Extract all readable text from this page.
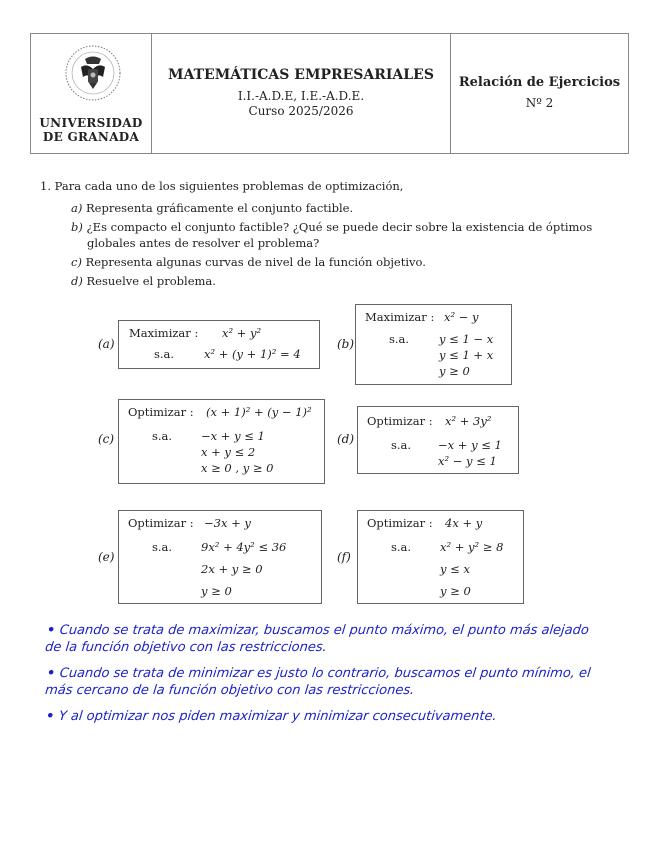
UNIVERSIDAD
DE GRANADA
MATEMÁTICAS EMPRESARIALES
I.I.-A.D.E, I.E.-A.D.E.
Curso 2025/2026
Relación de Ejercicios
Nº 2

1. Para cada uno de los siguientes problemas de optimización,

a) Representa gráficamente el conjunto factible.
b) ¿Es compacto el conjunto factible? ¿Qué se puede decir sobre la existencia de óptimos globales antes de resolver el problema?
c) Representa algunas curvas de nivel de la función objetivo.
d) Resuelve el problema.
(a)
Maximizar : x² + y²
s.a.	x² + (y + 1)² = 4
(b)
Maximizar : x² − y
s.a.	y ≤ 1 − x
y ≤ 1 + x
y ≥ 0
(c)
Optimizar : (x + 1)² + (y − 1)²
s.a.	−x + y ≤ 1
x + y ≤ 2
x ≥ 0 , y ≥ 0
(d)
Optimizar : x² + 3y²
s.a. −x + y ≤ 1
x² − y ≤ 1
(e)
Optimizar : −3x + y
s.a.	9x² + 4y² ≤ 36
2x + y ≥ 0
y ≥ 0
(f)
Optimizar : 4x + y
s.a.	x² + y² ≥ 8
y ≤ x
y ≥ 0
• Cuando se trata de maximizar, buscamos el punto máximo, el punto más alejado de la función objetivo con las restricciones.
• Cuando se trata de minimizar es justo lo contrario, buscamos el punto mínimo, el más cercano de la función objetivo con las restricciones.
• Y al optimizar nos piden maximizar y minimizar consecutivamente.
